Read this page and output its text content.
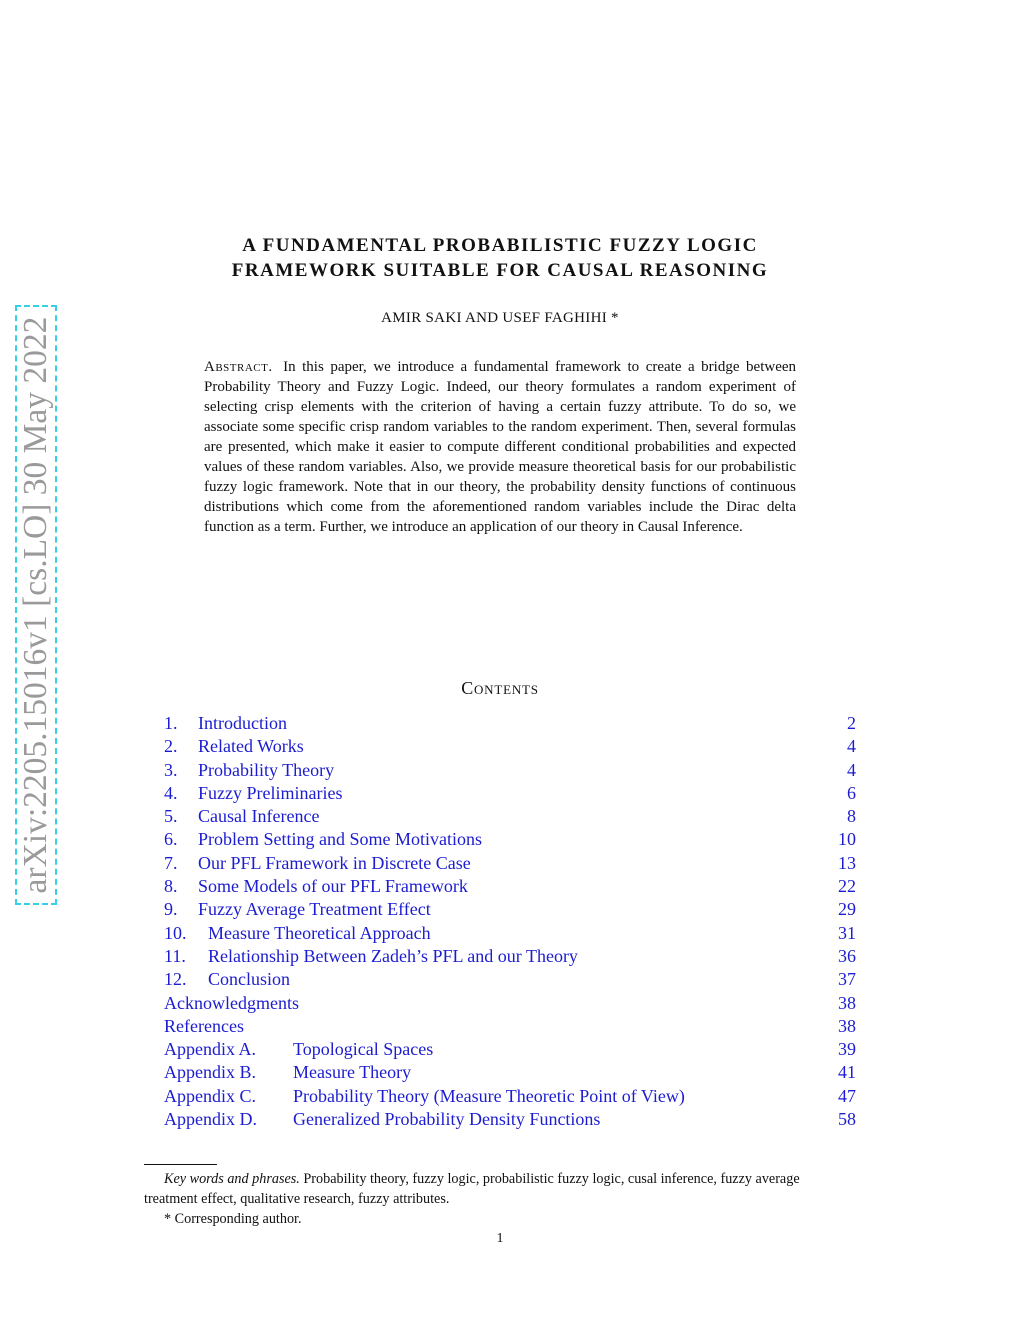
arXiv:2205.15016v1 [cs.LO] 30 May 2022
A FUNDAMENTAL PROBABILISTIC FUZZY LOGIC
FRAMEWORK SUITABLE FOR CAUSAL REASONING
AMIR SAKI AND USEF FAGHIHI *
Abstract. In this paper, we introduce a fundamental framework to create a bridge between Probability Theory and Fuzzy Logic. Indeed, our theory formulates a random experiment of selecting crisp elements with the criterion of having a certain fuzzy attribute. To do so, we associate some specific crisp random variables to the random experiment. Then, several formulas are presented, which make it easier to compute different conditional probabilities and expected values of these random variables. Also, we provide measure theoretical basis for our probabilistic fuzzy logic framework. Note that in our theory, the probability density functions of continuous distributions which come from the aforementioned random variables include the Dirac delta function as a term. Further, we introduce an application of our theory in Causal Inference.
Contents
1. Introduction	2
2. Related Works	4
3. Probability Theory	4
4. Fuzzy Preliminaries	6
5. Causal Inference	8
6. Problem Setting and Some Motivations	10
7. Our PFL Framework in Discrete Case	13
8. Some Models of our PFL Framework	22
9. Fuzzy Average Treatment Effect	29
10. Measure Theoretical Approach	31
11. Relationship Between Zadeh’s PFL and our Theory	36
12. Conclusion	37
Acknowledgments	38
References	38
Appendix A. Topological Spaces	39
Appendix B. Measure Theory	41
Appendix C. Probability Theory (Measure Theoretic Point of View)	47
Appendix D. Generalized Probability Density Functions	58

Key words and phrases. Probability theory, fuzzy logic, probabilistic fuzzy logic, cusal inference, fuzzy average treatment effect, qualitative research, fuzzy attributes.

* Corresponding author.

1
